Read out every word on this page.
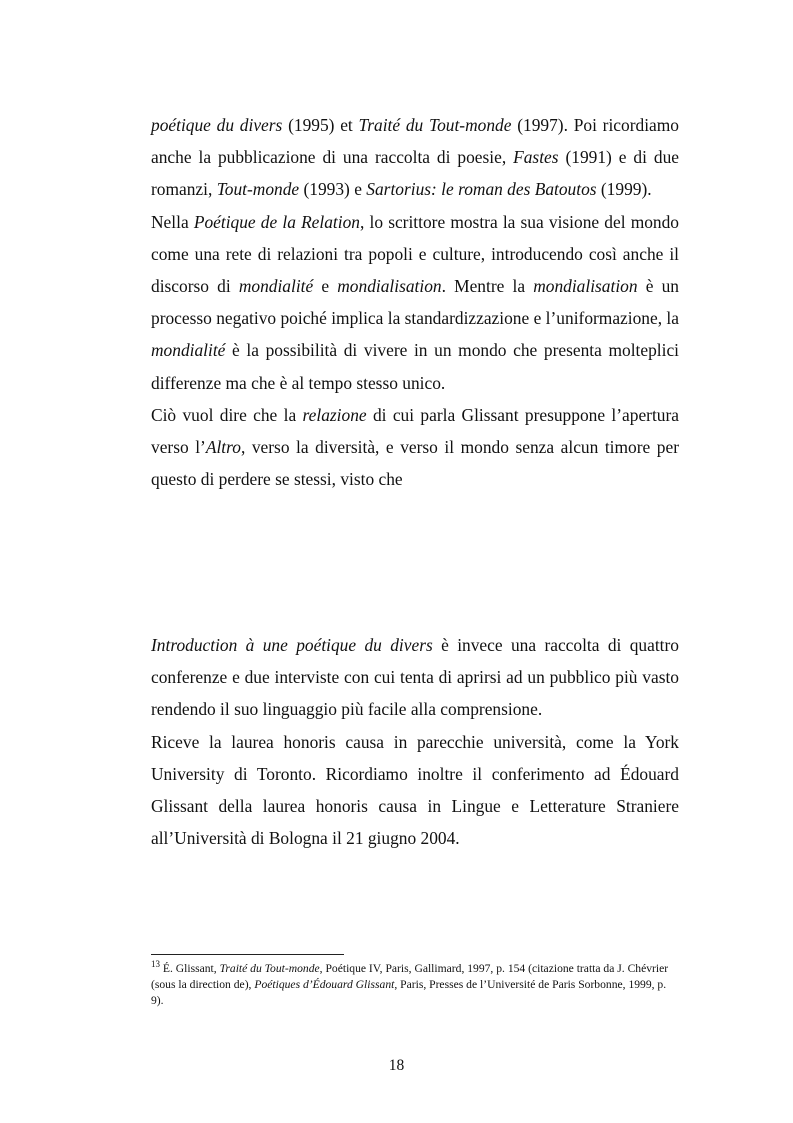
poétique du divers (1995) et Traité du Tout-monde (1997). Poi ricordiamo anche la pubblicazione di una raccolta di poesie, Fastes (1991) e di due romanzi, Tout-monde (1993) e Sartorius: le roman des Batoutos (1999).

Nella Poétique de la Relation, lo scrittore mostra la sua visione del mondo come una rete di relazioni tra popoli e culture, introducendo così anche il discorso di mondialité e mondialisation. Mentre la mondialisation è un processo negativo poiché implica la standardizzazione e l’uniformazione, la mondialité è la possibilità di vivere in un mondo che presenta molteplici differenze ma che è al tempo stesso unico.

Ciò vuol dire che la relazione di cui parla Glissant presuppone l’apertura verso l’Altro, verso la diversità, e verso il mondo senza alcun timore per questo di perdere se stessi, visto che

Introduction à une poétique du divers è invece una raccolta di quattro conferenze e due interviste con cui tenta di aprirsi ad un pubblico più vasto rendendo il suo linguaggio più facile alla comprensione.

Riceve la laurea honoris causa in parecchie università, come la York University di Toronto. Ricordiamo inoltre il conferimento ad Édouard Glissant della laurea honoris causa in Lingue e Letterature Straniere all’Università di Bologna il 21 giugno 2004.

$^{13}$ É. Glissant, Traité du Tout-monde, Poétique IV, Paris, Gallimard, 1997, p. 154 (citazione tratta da J. Chévrier (sous la direction de), Poétiques d’Édouard Glissant, Paris, Presses de l’Université de Paris Sorbonne, 1999, p. 9).
18
